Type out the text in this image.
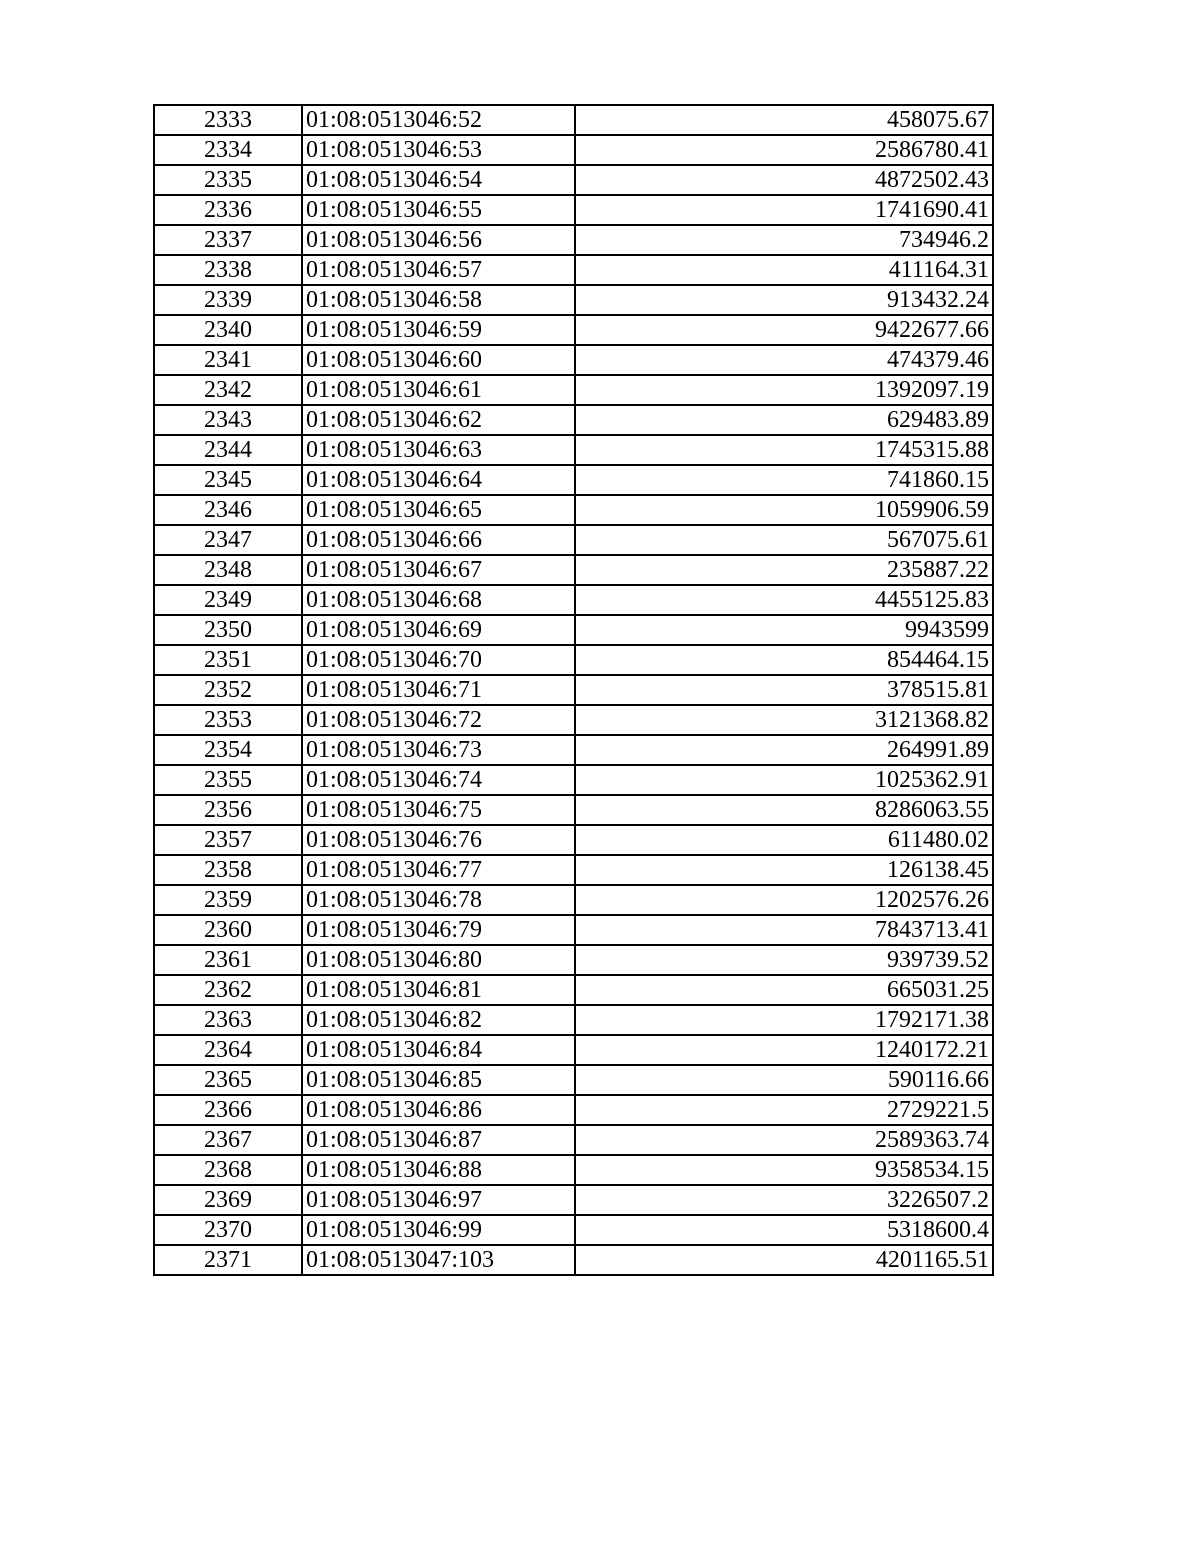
2333	01:08:0513046:52	458075.67
2334	01:08:0513046:53	2586780.41
2335	01:08:0513046:54	4872502.43
2336	01:08:0513046:55	1741690.41
2337	01:08:0513046:56	734946.2
2338	01:08:0513046:57	411164.31
2339	01:08:0513046:58	913432.24
2340	01:08:0513046:59	9422677.66
2341	01:08:0513046:60	474379.46
2342	01:08:0513046:61	1392097.19
2343	01:08:0513046:62	629483.89
2344	01:08:0513046:63	1745315.88
2345	01:08:0513046:64	741860.15
2346	01:08:0513046:65	1059906.59
2347	01:08:0513046:66	567075.61
2348	01:08:0513046:67	235887.22
2349	01:08:0513046:68	4455125.83
2350	01:08:0513046:69	9943599
2351	01:08:0513046:70	854464.15
2352	01:08:0513046:71	378515.81
2353	01:08:0513046:72	3121368.82
2354	01:08:0513046:73	264991.89
2355	01:08:0513046:74	1025362.91
2356	01:08:0513046:75	8286063.55
2357	01:08:0513046:76	611480.02
2358	01:08:0513046:77	126138.45
2359	01:08:0513046:78	1202576.26
2360	01:08:0513046:79	7843713.41
2361	01:08:0513046:80	939739.52
2362	01:08:0513046:81	665031.25
2363	01:08:0513046:82	1792171.38
2364	01:08:0513046:84	1240172.21
2365	01:08:0513046:85	590116.66
2366	01:08:0513046:86	2729221.5
2367	01:08:0513046:87	2589363.74
2368	01:08:0513046:88	9358534.15
2369	01:08:0513046:97	3226507.2
2370	01:08:0513046:99	5318600.4
2371	01:08:0513047:103	4201165.51
